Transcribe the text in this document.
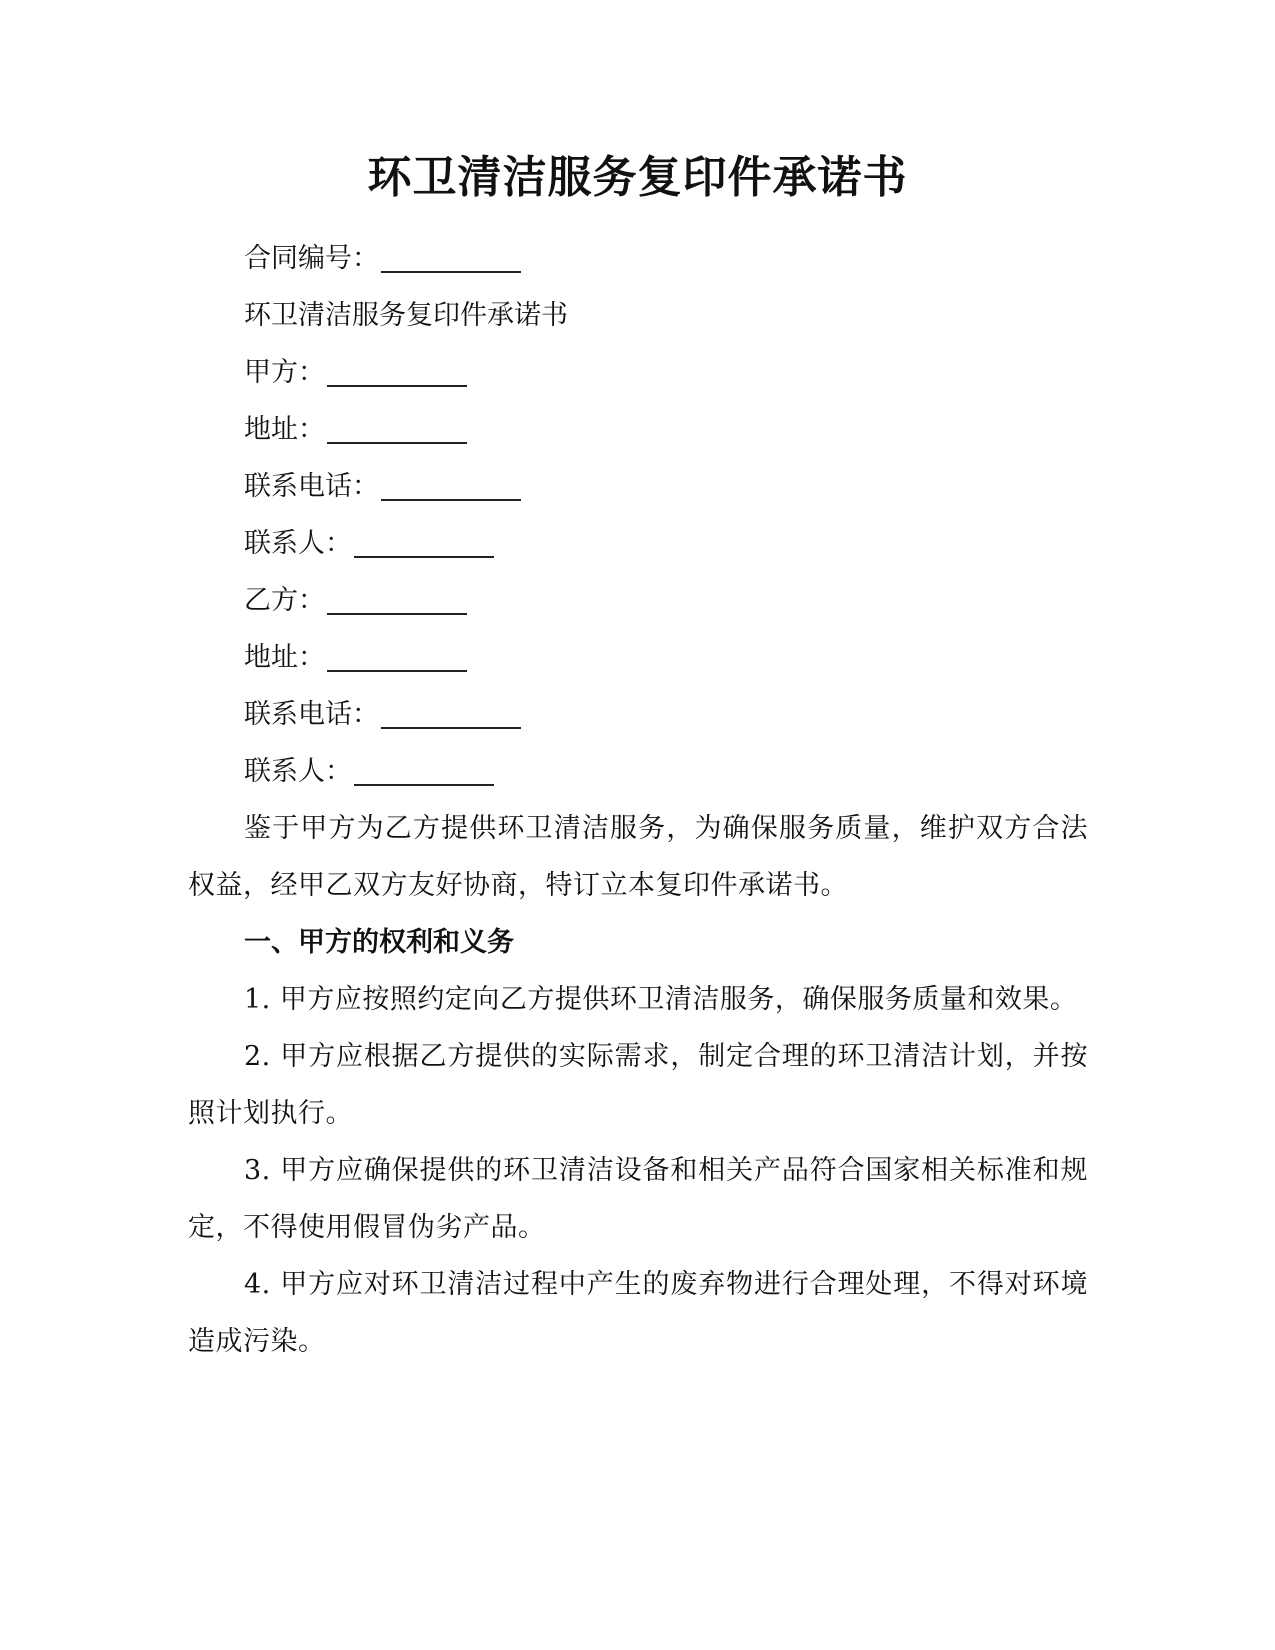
环卫清洁服务复印件承诺书

合同编号：

环卫清洁服务复印件承诺书

甲方：

地址：

联系电话：

联系人：

乙方：

地址：

联系电话：

联系人：

鉴于甲方为乙方提供环卫清洁服务，为确保服务质量，维护双方合法权益，经甲乙双方友好协商，特订立本复印件承诺书。

一、甲方的权利和义务

1. 甲方应按照约定向乙方提供环卫清洁服务，确保服务质量和效果。

2. 甲方应根据乙方提供的实际需求，制定合理的环卫清洁计划，并按照计划执行。

3. 甲方应确保提供的环卫清洁设备和相关产品符合国家相关标准和规定，不得使用假冒伪劣产品。

4. 甲方应对环卫清洁过程中产生的废弃物进行合理处理，不得对环境造成污染。
